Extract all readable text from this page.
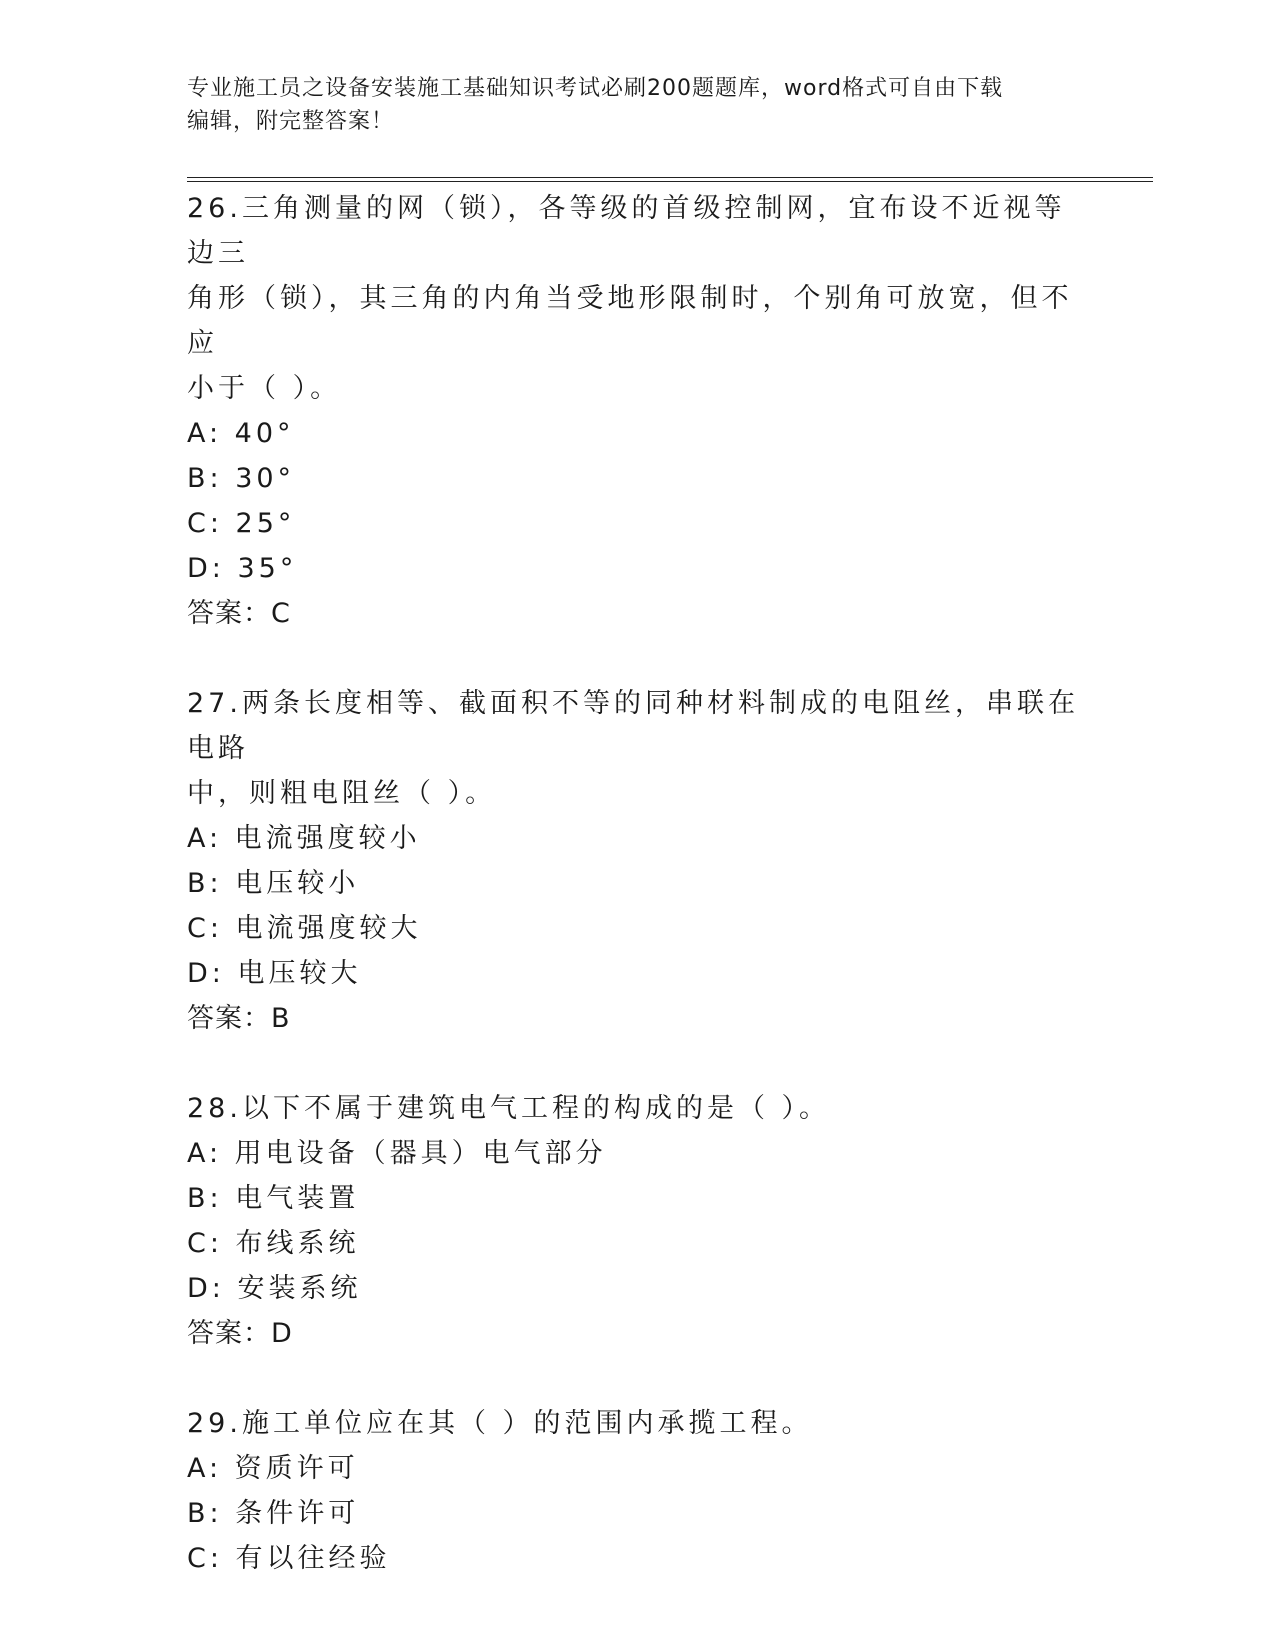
专业施工员之设备安装施工基础知识考试必刷200题题库，word格式可自由下载
编辑，附完整答案！
26.三角测量的网（锁），各等级的首级控制网，宜布设不近视等边三
角形（锁），其三角的内角当受地形限制时，个别角可放宽，但不应
小于（ ）。
A: 40°
B: 30°
C: 25°
D: 35°
答案：C
27.两条长度相等、截面积不等的同种材料制成的电阻丝，串联在电路
中，则粗电阻丝（ ）。
A: 电流强度较小
B: 电压较小
C: 电流强度较大
D: 电压较大
答案：B
28.以下不属于建筑电气工程的构成的是（ ）。
A: 用电设备（器具）电气部分
B: 电气装置
C: 布线系统
D: 安装系统
答案：D
29.施工单位应在其（ ）的范围内承揽工程。
A: 资质许可
B: 条件许可
C: 有以往经验
